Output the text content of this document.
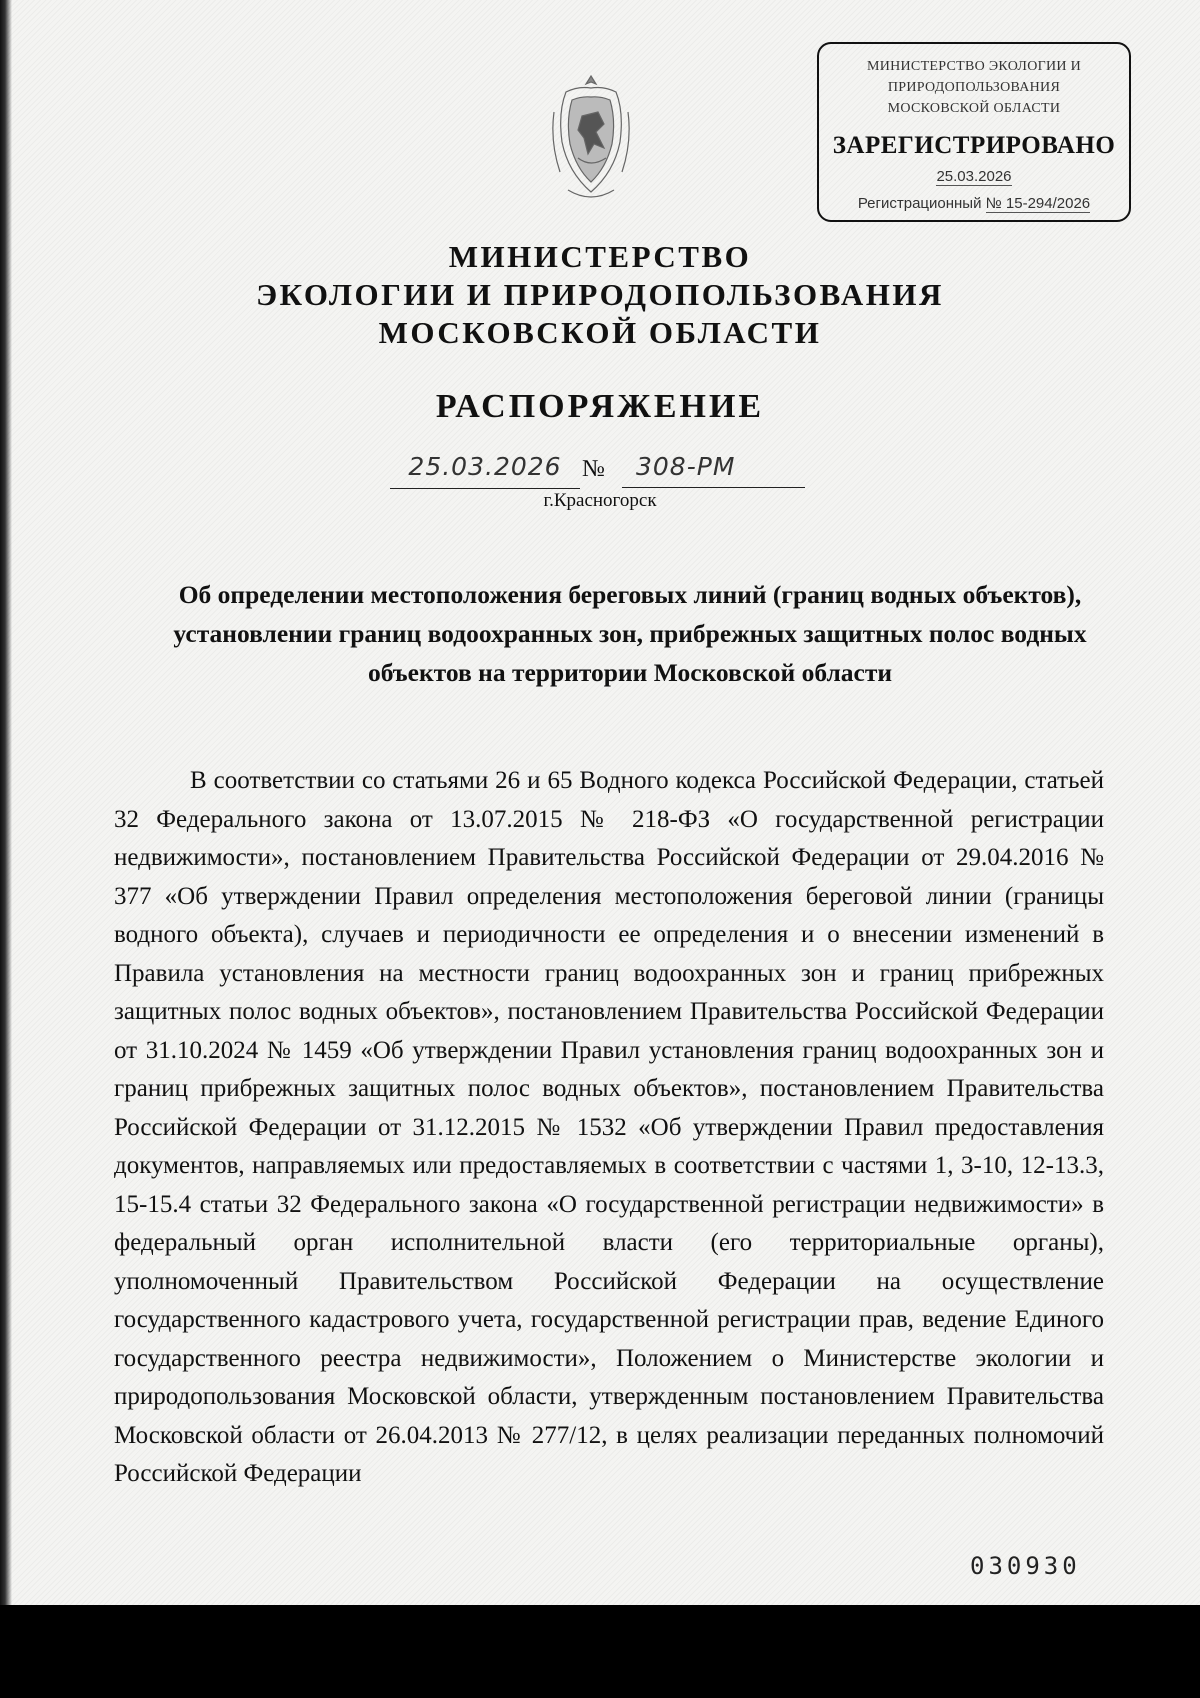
МИНИСТЕРСТВО ЭКОЛОГИИ И
ПРИРОДОПОЛЬЗОВАНИЯ
МОСКОВСКОЙ ОБЛАСТИ
ЗАРЕГИСТРИРОВАНО
25.03.2026
Регистрационный № 15-294/2026
МИНИСТЕРСТВО
ЭКОЛОГИИ И ПРИРОДОПОЛЬЗОВАНИЯ
МОСКОВСКОЙ ОБЛАСТИ
РАСПОРЯЖЕНИЕ
25.03.2026 №	308-РМ
г.Красногорск
Об определении местоположения береговых линий (границ водных объектов), установлении границ водоохранных зон, прибрежных защитных полос водных объектов на территории Московской области
В соответствии со статьями 26 и 65 Водного кодекса Российской Федерации, статьей 32 Федерального закона от 13.07.2015 № 218-ФЗ «О государственной регистрации недвижимости», постановлением Правительства Российской Федерации от 29.04.2016 № 377 «Об утверждении Правил определения местоположения береговой линии (границы водного объекта), случаев и периодичности ее определения и о внесении изменений в Правила установления на местности границ водоохранных зон и границ прибрежных защитных полос водных объектов», постановлением Правительства Российской Федерации от 31.10.2024 № 1459 «Об утверждении Правил установления границ водоохранных зон и границ прибрежных защитных полос водных объектов», постановлением Правительства Российской Федерации от 31.12.2015 № 1532 «Об утверждении Правил предоставления документов, направляемых или предоставляемых в соответствии с частями 1, 3-10, 12-13.3, 15-15.4 статьи 32 Федерального закона «О государственной регистрации недвижимости» в федеральный орган исполнительной власти (его территориальные органы), уполномоченный Правительством Российской Федерации на осуществление государственного кадастрового учета, государственной регистрации прав, ведение Единого государственного реестра недвижимости», Положением о Министерстве экологии и природопользования Московской области, утвержденным постановлением Правительства Московской области от 26.04.2013 № 277/12, в целях реализации переданных полномочий Российской Федерации
030930
